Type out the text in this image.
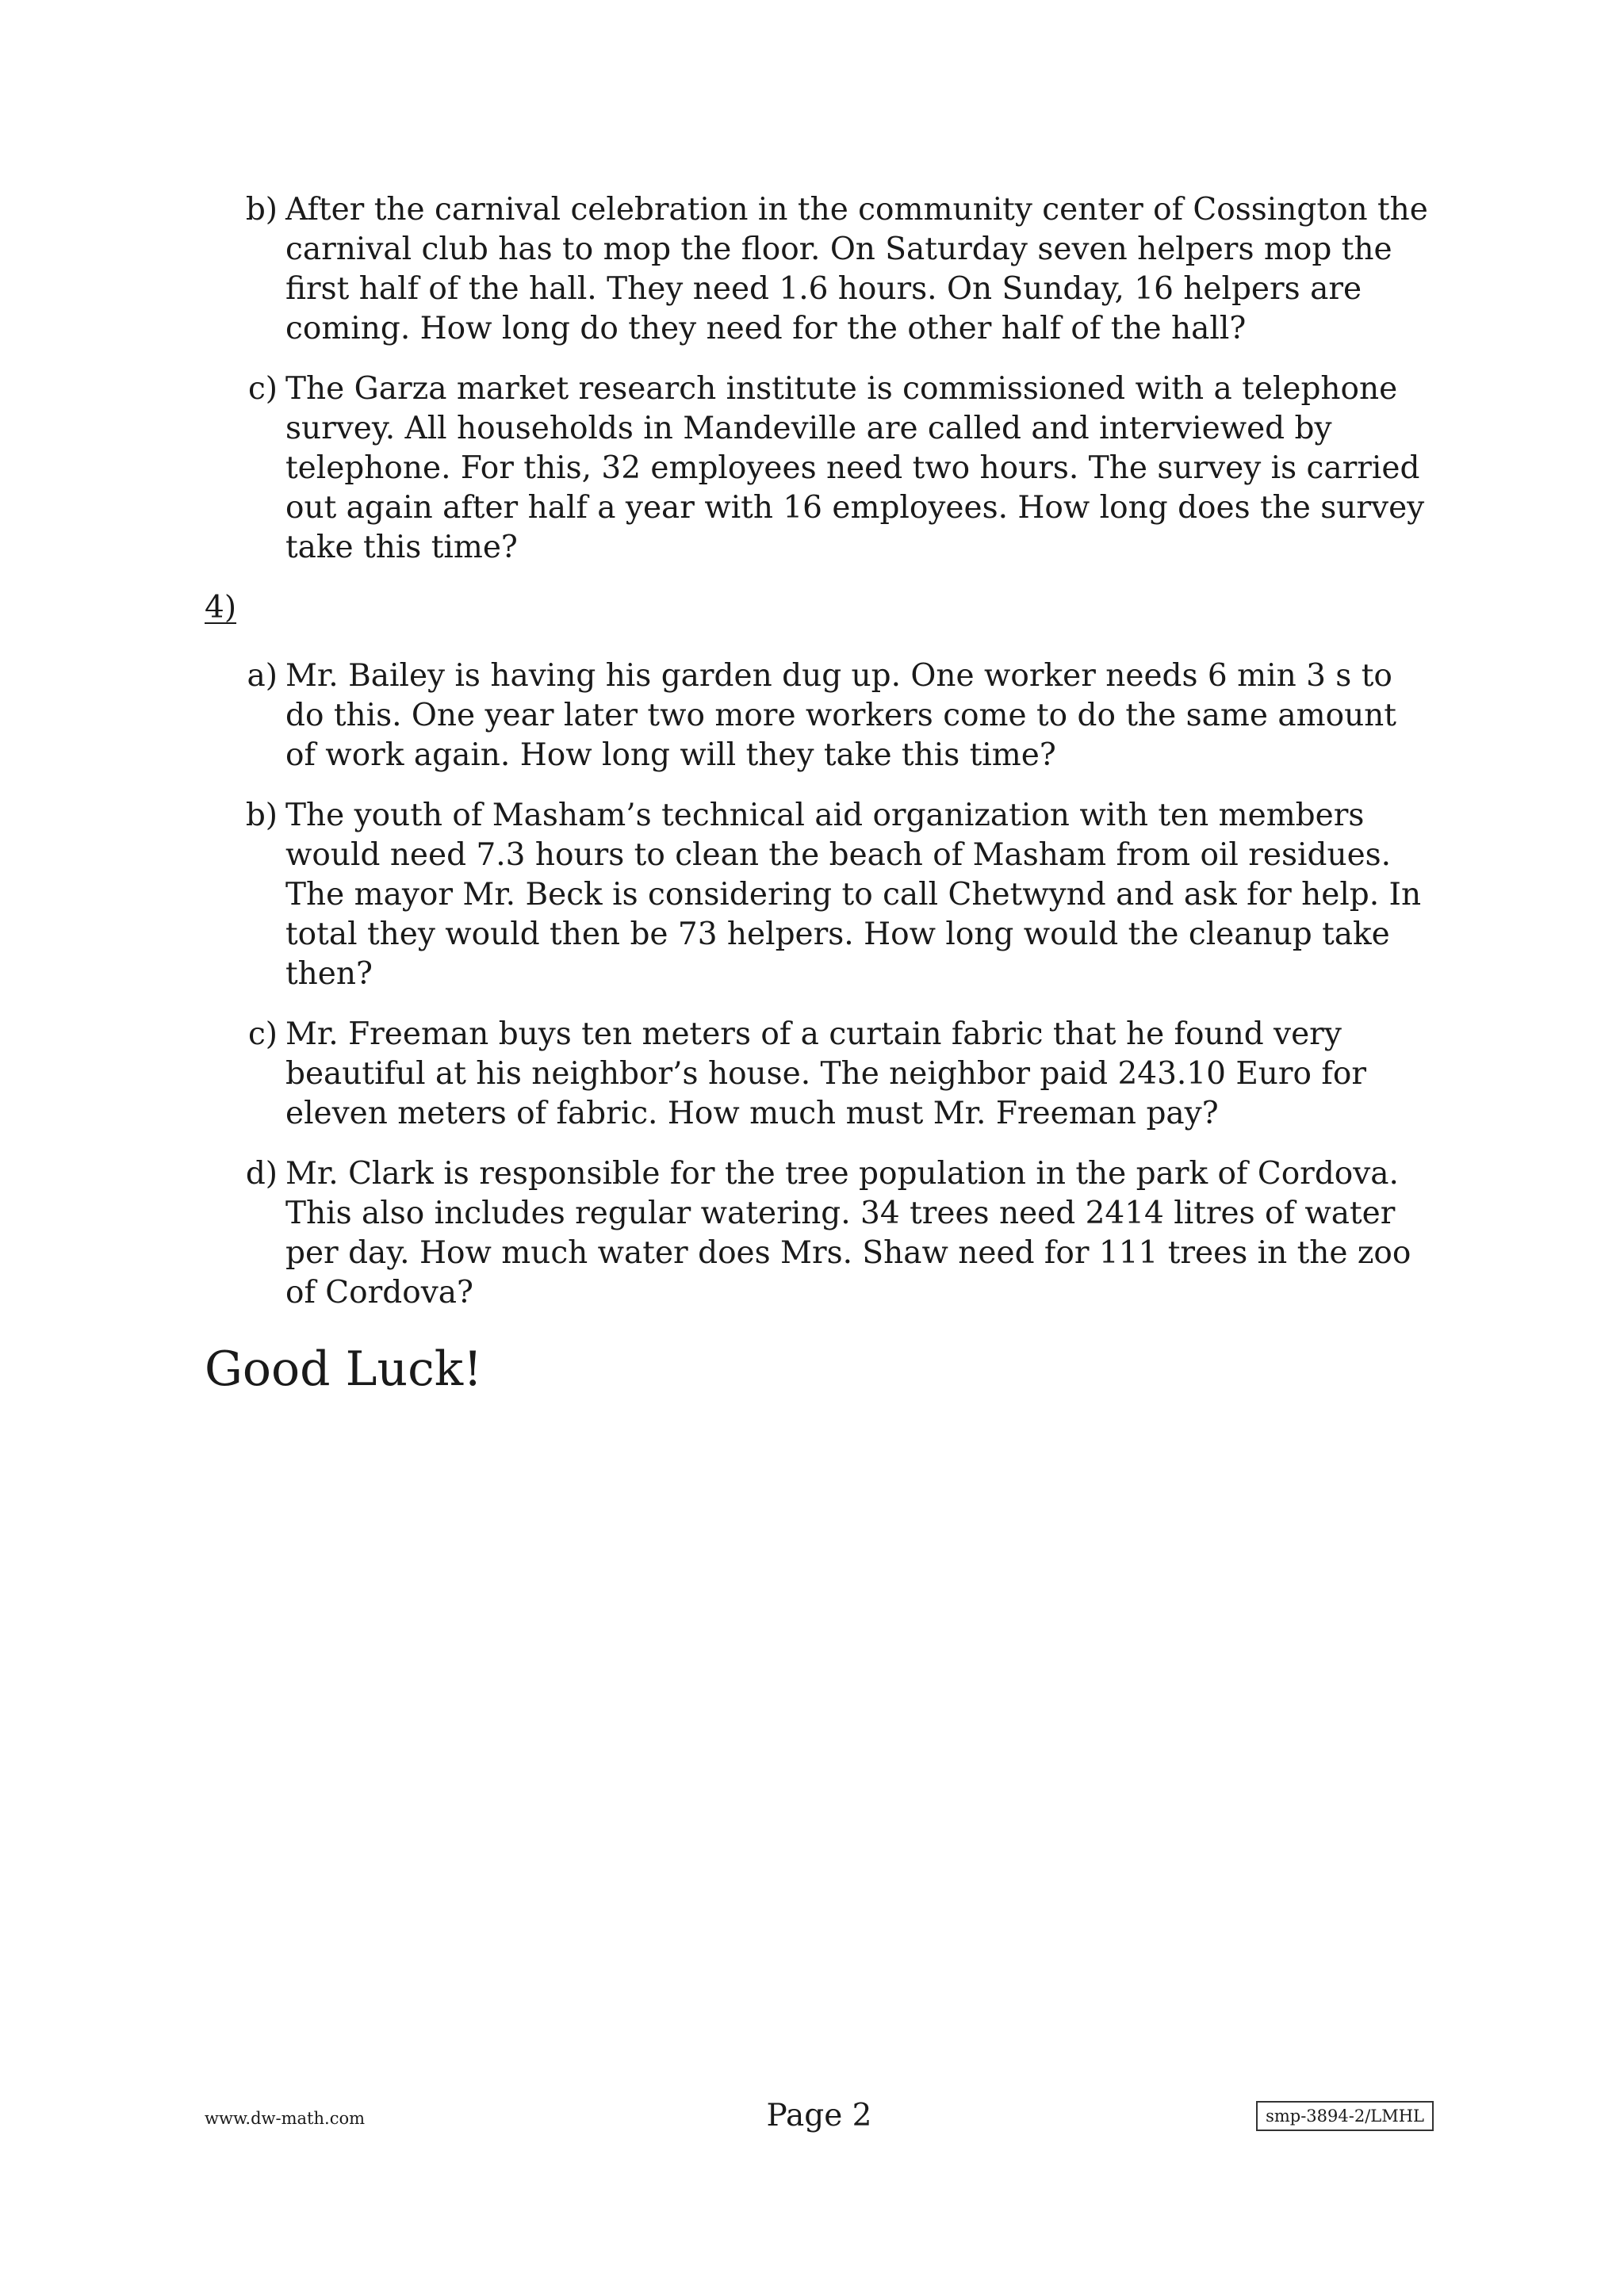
b) After the carnival celebration in the community center of Cossington the carnival club has to mop the floor. On Saturday seven helpers mop the first half of the hall. They need 1.6 hours. On Sunday, 16 helpers are coming. How long do they need for the other half of the hall?
c) The Garza market research institute is commissioned with a telephone survey. All households in Mandeville are called and interviewed by telephone. For this, 32 employees need two hours. The survey is carried out again after half a year with 16 employees. How long does the survey take this time?
4)
a) Mr. Bailey is having his garden dug up. One worker needs 6 min 3 s to do this. One year later two more workers come to do the same amount of work again. How long will they take this time?
b) The youth of Masham’s technical aid organization with ten members would need 7.3 hours to clean the beach of Masham from oil residues. The mayor Mr. Beck is considering to call Chetwynd and ask for help. In total they would then be 73 helpers. How long would the cleanup take then?
c) Mr. Freeman buys ten meters of a curtain fabric that he found very beautiful at his neighbor’s house. The neighbor paid 243.10 Euro for eleven meters of fabric. How much must Mr. Freeman pay?
d) Mr. Clark is responsible for the tree population in the park of Cordova. This also includes regular watering. 34 trees need 2414 litres of water per day. How much water does Mrs. Shaw need for 111 trees in the zoo of Cordova?
Good Luck!
www.dw-math.com	Page 2	smp-3894-2/LMHL
